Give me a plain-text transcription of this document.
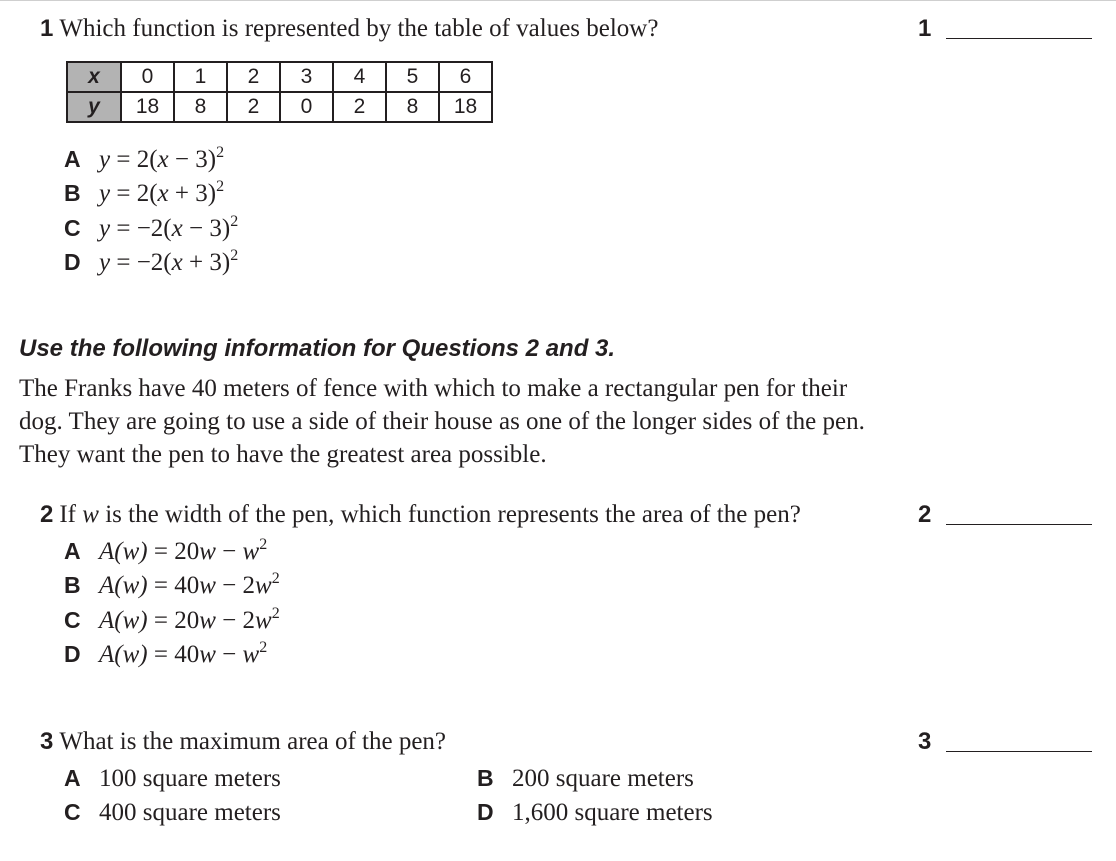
1 Which function is represented by the table of values below?	1
x	0	1	2	3	4	5	6
y	18	8	2	0	2	8	18
A $y = 2(x - 3)^2$
B $y = 2(x + 3)^2$
C $y = -2(x - 3)^2$
D $y = -2(x + 3)^2$
Use the following information for Questions 2 and 3.
The Franks have 40 meters of fence with which to make a rectangular pen for their dog. They are going to use a side of their house as one of the longer sides of the pen. They want the pen to have the greatest area possible.
2 If w is the width of the pen, which function represents the area of the pen?	2
A $A(w) = 20w - w^2$
B $A(w) = 40w - 2w^2$
C $A(w) = 20w - 2w^2$
D $A(w) = 40w - w^2$
3 What is the maximum area of the pen?	3
A 100 square meters	B 200 square meters
C 400 square meters	D 1,600 square meters
